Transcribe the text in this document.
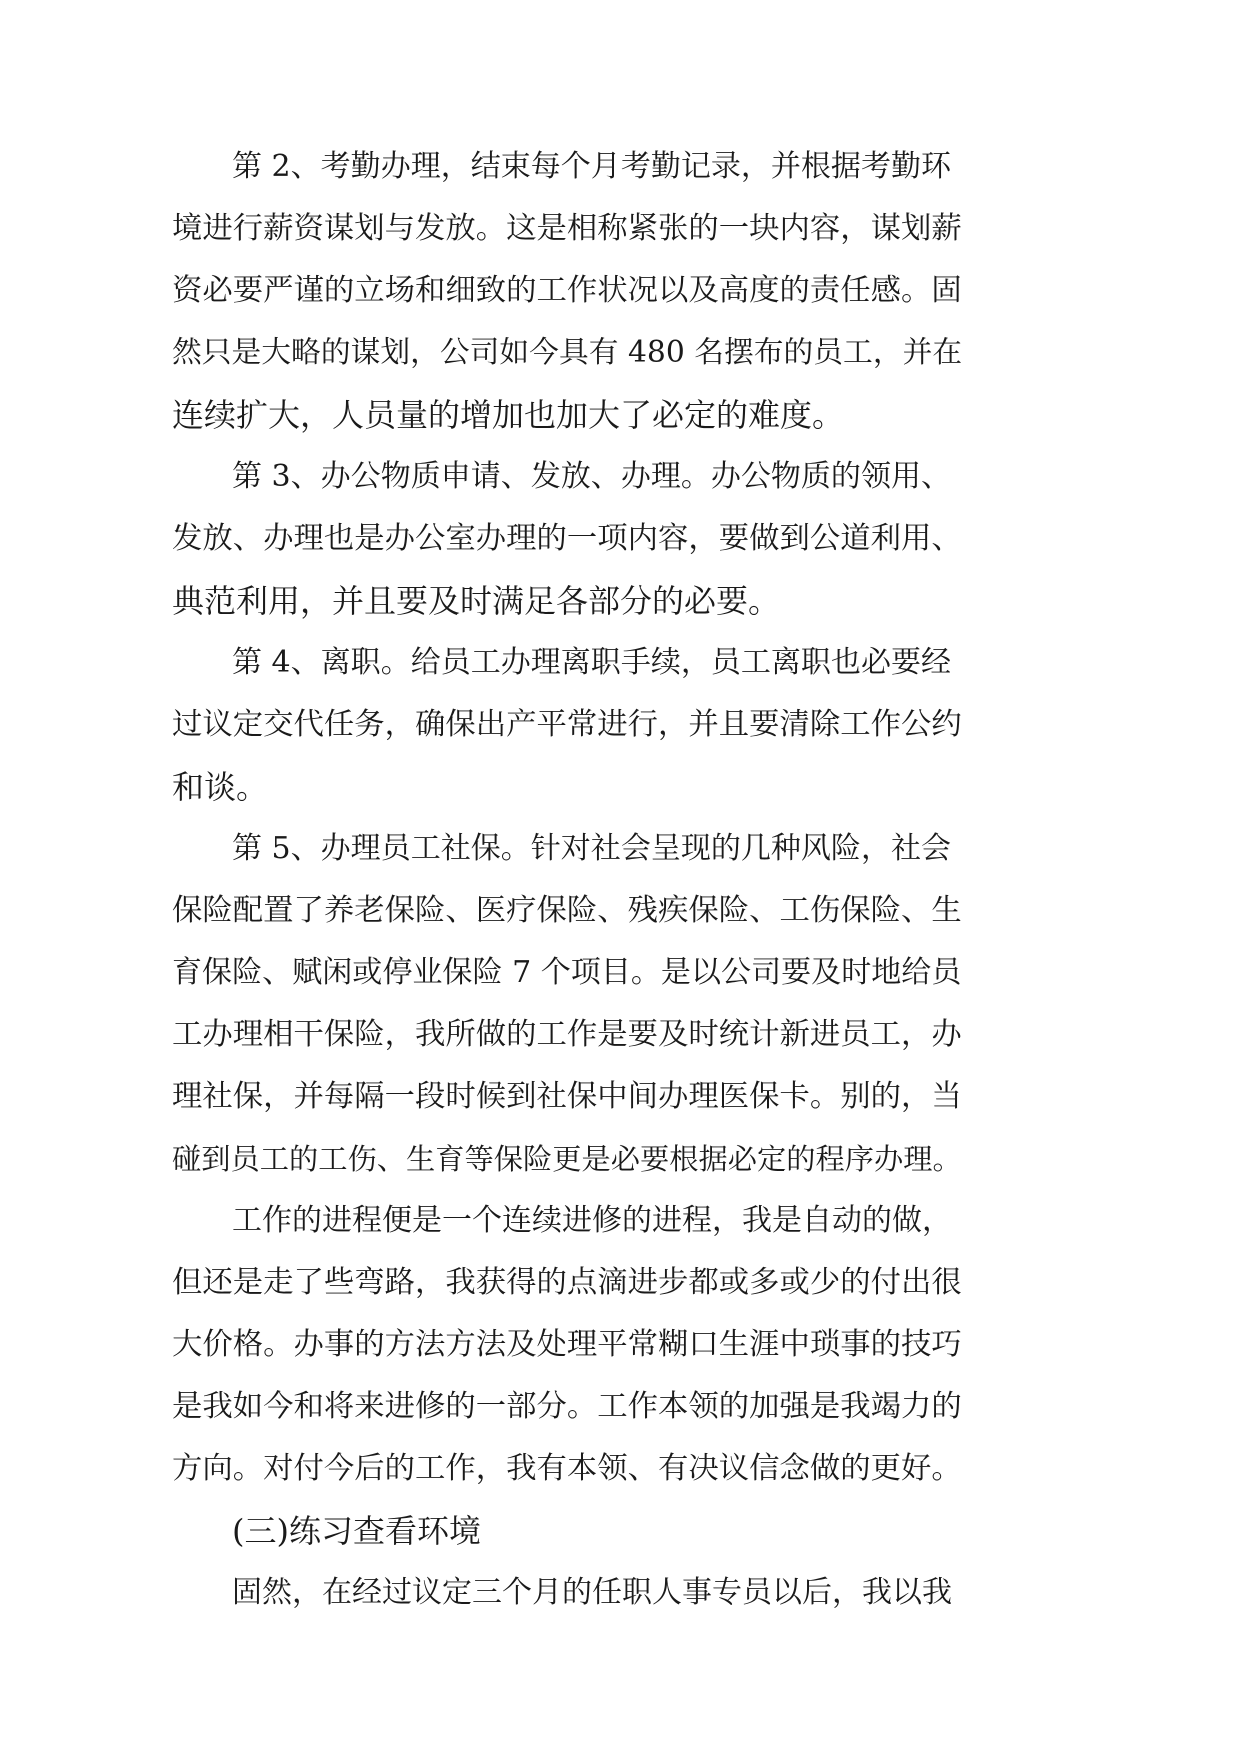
第 2、考勤办理，结束每个月考勤记录，并根据考勤环
境进行薪资谋划与发放。这是相称紧张的一块内容，谋划薪
资必要严谨的立场和细致的工作状况以及高度的责任感。固
然只是大略的谋划，公司如今具有 480 名摆布的员工，并在
连续扩大，人员量的增加也加大了必定的难度。
第 3、办公物质申请、发放、办理。办公物质的领用、
发放、办理也是办公室办理的一项内容，要做到公道利用、
典范利用，并且要及时满足各部分的必要。
第 4、离职。给员工办理离职手续，员工离职也必要经
过议定交代任务，确保出产平常进行，并且要清除工作公约
和谈。
第 5、办理员工社保。针对社会呈现的几种风险，社会
保险配置了养老保险、医疗保险、残疾保险、工伤保险、生
育保险、赋闲或停业保险 7 个项目。是以公司要及时地给员
工办理相干保险，我所做的工作是要及时统计新进员工，办
理社保，并每隔一段时候到社保中间办理医保卡。别的，当
碰到员工的工伤、生育等保险更是必要根据必定的程序办理。
工作的进程便是一个连续进修的进程，我是自动的做，
但还是走了些弯路，我获得的点滴进步都或多或少的付出很
大价格。办事的方法方法及处理平常糊口生涯中琐事的技巧
是我如今和将来进修的一部分。工作本领的加强是我竭力的
方向。对付今后的工作，我有本领、有决议信念做的更好。
(三)练习查看环境
固然，在经过议定三个月的任职人事专员以后，我以我
